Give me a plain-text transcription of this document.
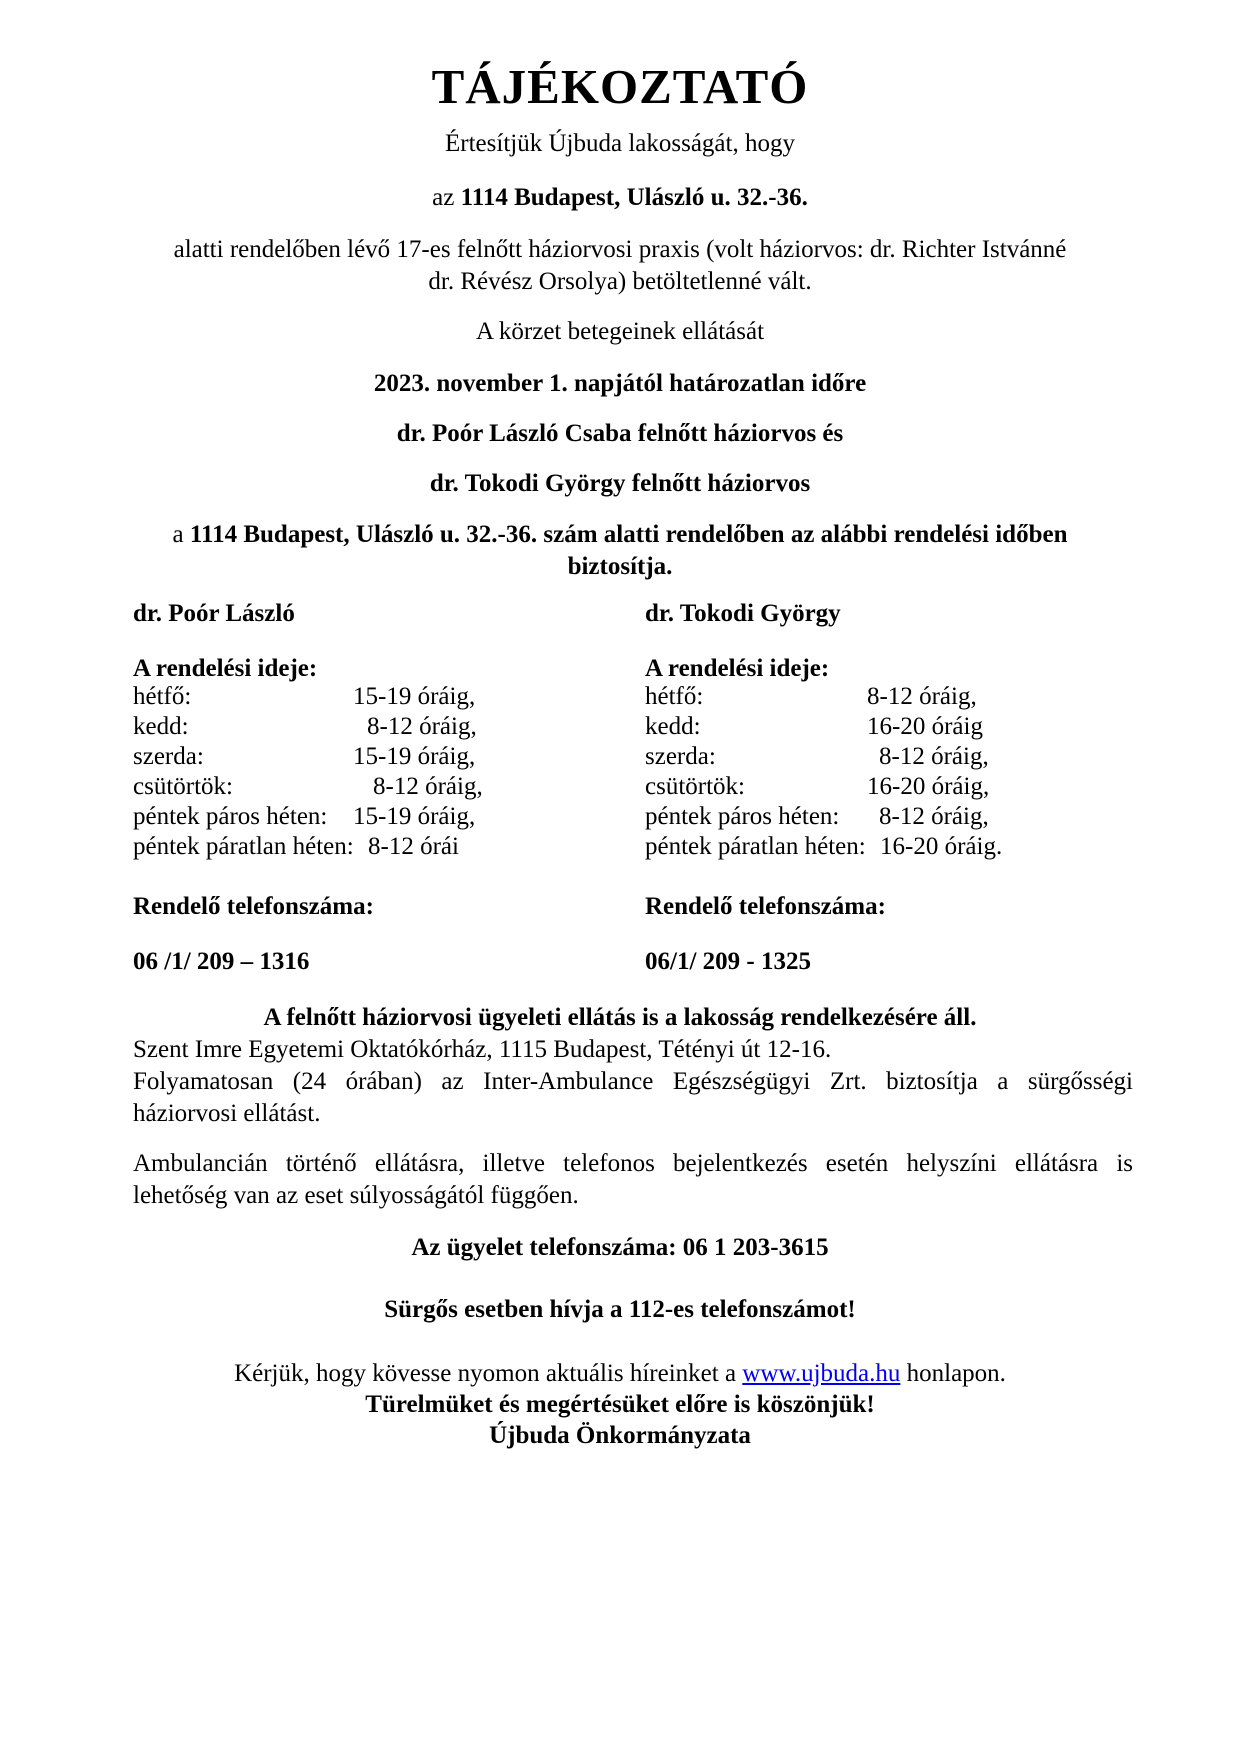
TÁJÉKOZTATÓ
Értesítjük Újbuda lakosságát, hogy
az 1114 Budapest, Ulászló u. 32.-36.
alatti rendelőben lévő 17-es felnőtt háziorvosi praxis (volt háziorvos: dr. Richter Istvánné
dr. Révész Orsolya) betöltetlenné vált.
A körzet betegeinek ellátását
2023. november 1. napjától határozatlan időre
dr. Poór László Csaba felnőtt háziorvos és
dr. Tokodi György felnőtt háziorvos
a 1114 Budapest, Ulászló u. 32.-36. szám alatti rendelőben az alábbi rendelési időben
biztosítja.
dr. Poór László
A rendelési ideje:
hétfő:	15-19 óráig,
kedd:	8-12 óráig,
szerda:	15-19 óráig,
csütörtök:	8-12 óráig,
péntek páros héten: 15-19 óráig,
péntek páratlan héten: 8-12 órái
Rendelő telefonszáma:
06 /1/ 209 – 1316
dr. Tokodi György
A rendelési ideje:
hétfő:	8-12 óráig,
kedd:	16-20 óráig
szerda:	8-12 óráig,
csütörtök:	16-20 óráig,
péntek páros héten: 8-12 óráig,
péntek páratlan héten: 16-20 óráig.
Rendelő telefonszáma:
06/1/ 209 - 1325
A felnőtt háziorvosi ügyeleti ellátás is a lakosság rendelkezésére áll.
Szent Imre Egyetemi Oktatókórház, 1115 Budapest, Tétényi út 12-16.
Folyamatosan (24 órában) az Inter-Ambulance Egészségügyi Zrt. biztosítja a sürgősségi
háziorvosi ellátást.
Ambulancián történő ellátásra, illetve telefonos bejelentkezés esetén helyszíni ellátásra is
lehetőség van az eset súlyosságától függően.
Az ügyelet telefonszáma: 06 1 203-3615
Sürgős esetben hívja a 112-es telefonszámot!
Kérjük, hogy kövesse nyomon aktuális híreinket a www.ujbuda.hu honlapon.
Türelmüket és megértésüket előre is köszönjük!
Újbuda Önkormányzata
